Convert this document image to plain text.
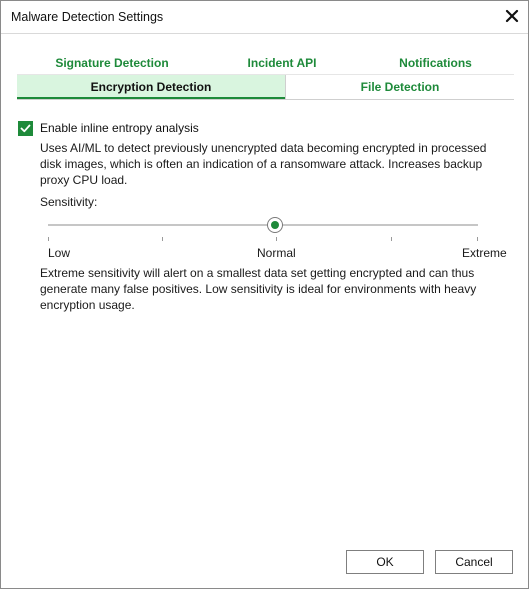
Malware Detection Settings
Signature Detection	Incident API	Notifications
Encryption Detection	File Detection
Enable inline entropy analysis
Uses AI/ML to detect previously unencrypted data becoming encrypted in processed disk images, which is often an indication of a ransomware attack. Increases backup proxy CPU load.
Sensitivity:
Low	Normal	Extreme
Extreme sensitivity will alert on a smallest data set getting encrypted and can thus generate many false positives. Low sensitivity is ideal for environments with heavy encryption usage.
OK	Cancel
